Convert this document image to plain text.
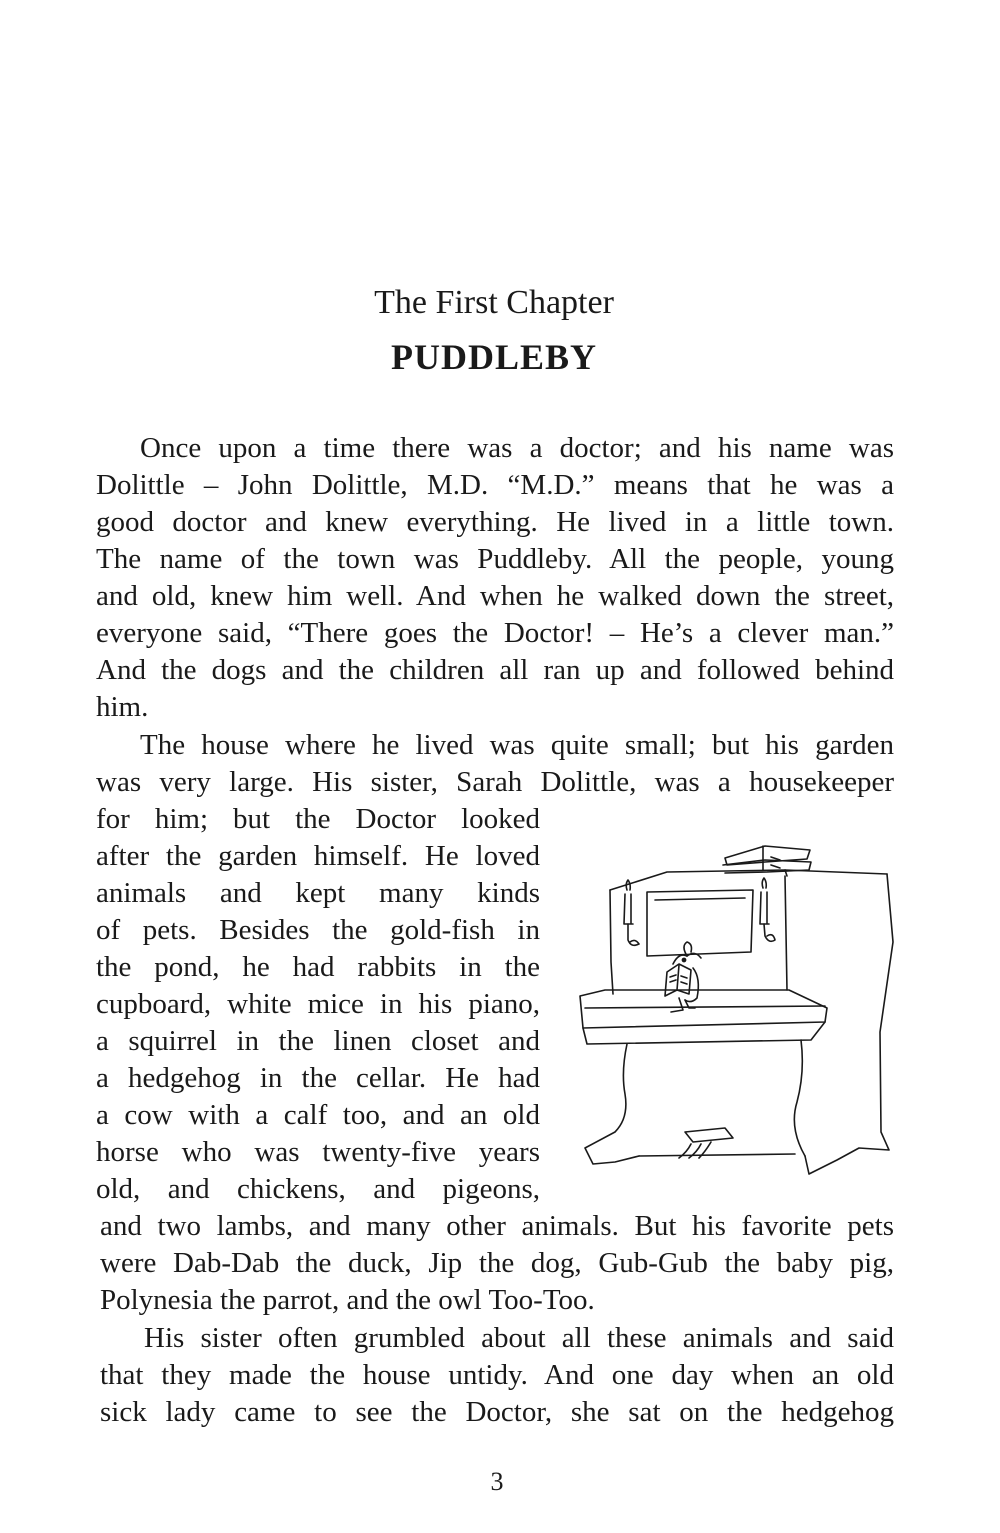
The First Chapter
PUDDLEBY

Once upon a time there was a doctor; and his name was

Dolittle – John Dolittle, M.D. “M.D.” means that he was a

good doctor and knew everything. He lived in a little town.

The name of the town was Puddleby. All the people, young

and old, knew him well. And when he walked down the street,

everyone said, “There goes the Doctor! – He’s a clever man.”

And the dogs and the children all ran up and followed behind

him.

The house where he lived was quite small; but his garden

was very large. His sister, Sarah Dolittle, was a housekeeper

for him; but the Doctor looked

after the garden himself. He loved

animals and kept many kinds

of pets. Besides the gold-fish in

the pond, he had rabbits in the

cupboard, white mice in his piano,

a squirrel in the linen closet and

a hedgehog in the cellar. He had

a cow with a calf too, and an old

horse who was twenty-five years

old, and chickens, and pigeons,

and two lambs, and many other animals. But his favorite pets

were Dab-Dab the duck, Jip the dog, Gub-Gub the baby pig,

Polynesia the parrot, and the owl Too-Too.

His sister often grumbled about all these animals and said

that they made the house untidy. And one day when an old

sick lady came to see the Doctor, she sat on the hedgehog

3
